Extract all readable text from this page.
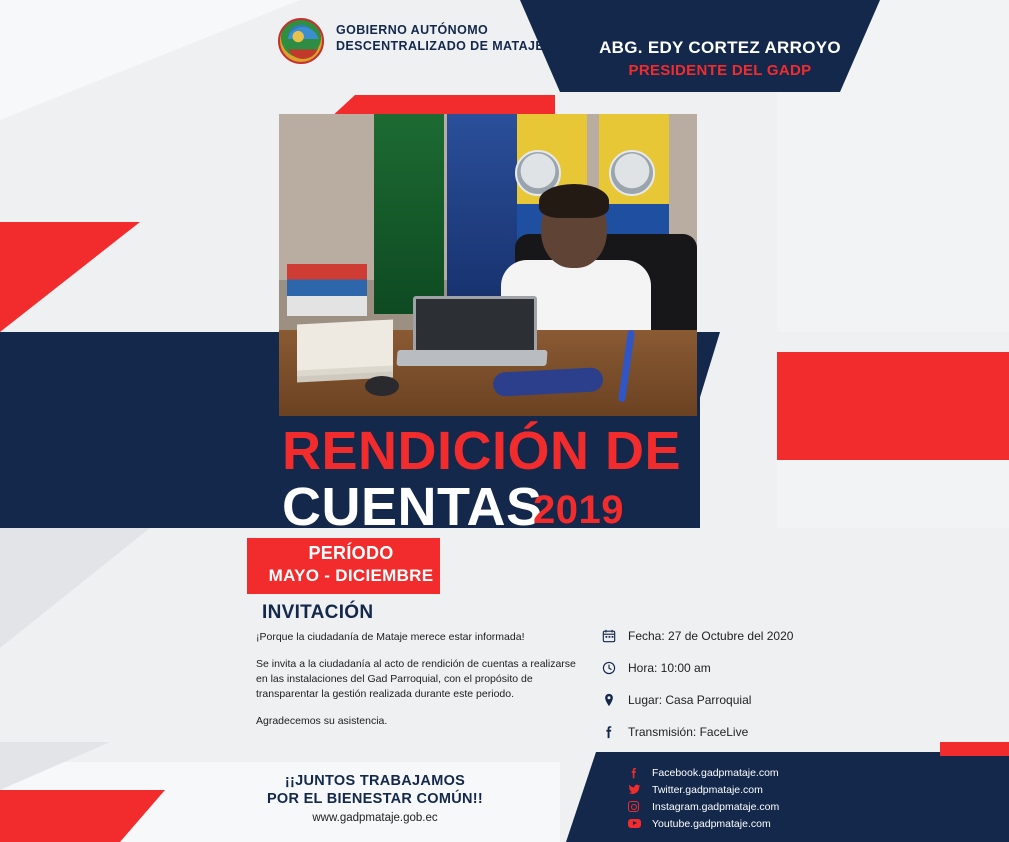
GOBIERNO AUTÓNOMO
DESCENTRALIZADO DE MATAJE	ABG. EDY CORTEZ ARROYO
PRESIDENTE DEL GADP
RENDICIÓN DE
CUENTAS
2019
PERÍODO
MAYO - DICIEMBRE
INVITACIÓN

¡Porque la ciudadanía de Mataje merece estar informada!

Se invita a la ciudadanía al acto de rendición de cuentas a realizarse en las instalaciones del Gad Parroquial, con el propósito de transparentar la gestión realizada durante este periodo.

Agradecemos su asistencia.

Fecha: 27 de Octubre del 2020
Hora: 10:00 am
Lugar: Casa Parroquial
Transmisión: FaceLive
¡¡JUNTOS TRABAJAMOS
POR EL BIENESTAR COMÚN!!
www.gadpmataje.gob.ec
Facebook.gadpmataje.com
Twitter.gadpmataje.com
Instagram.gadpmataje.com
Youtube.gadpmataje.com
